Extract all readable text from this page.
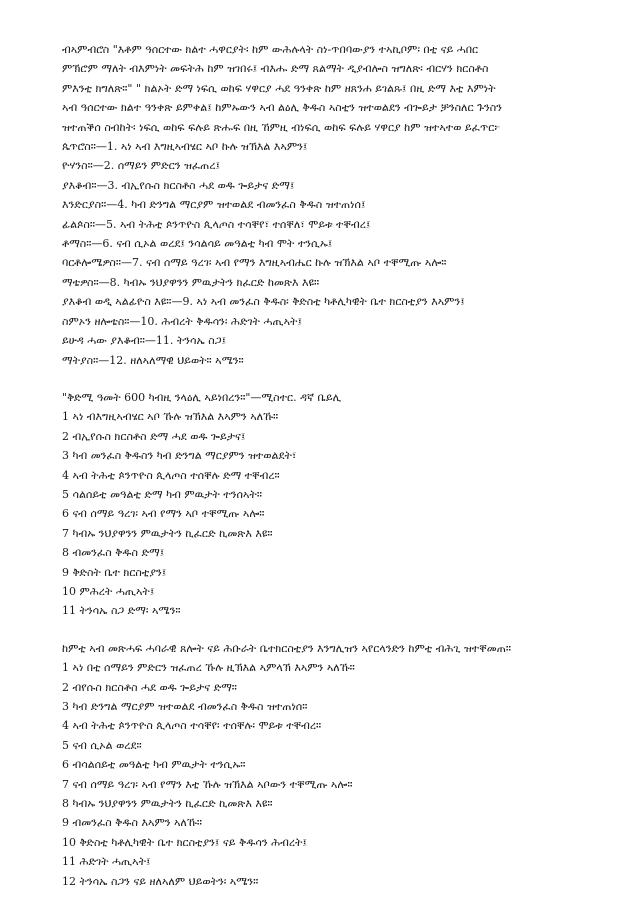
ብኣምብሮስ "እቶም ዓሰርተው ክልተ ሓዋርያት፡ ከም ውሕሉላት ስነ-ጥበባውያን ተኣኪቦም፡ በቲ ናይ ሓበር
ምኽሮም ማለት ብእምነት መፍትሕ ከም ዝገበሩ፤ ብእሑ ድማ ጸልማት ዲያብሎስ ዝግለጽ፡ ብርሃን ክርስቶስ
ምእንቲ ክግለጽ።" " ክልኦት ድማ ነፍሲ ወከፍ ሃዋርያ ሓደ ዓንቀጽ ከም ዘጸንሐ ይገልጹ፤ በዚ ድማ እቲ እምነት
ኣብ ዓሰርተው ክልተ ዓንቀጽ ይምቀል፤ ከምኡውን ኣብ ልዕሊ ቅዱስ ኣስቲን ዝተወልደን ብጐይታ ቻንስለር ጉንስን
ዝተጠቕሰ ስብከት፡ ነፍሲ ወከፍ ፍሉይ ጽሑፍ በዚ ኸምዚ ብነፍሲ ወከፍ ፍሉይ ሃዋርያ ከም ዝተኣተወ ይፈጥር፦
ጴጥሮስ።—1. ኣነ ኣብ እግዚኣብሄር ኣቦ ኩሉ ዝኽእል እኣምን፤
ዮሃንስ።—2. ሰማይን ምድርን ዝፈጠረ፤
ያእቆብ።—3. ብኢየሱስ ክርስቶስ ሓደ ወዱ ጐይታና ድማ፤
እንድርያስ።—4. ካብ ድንግል ማርያም ዝተወልደ ብመንፈስ ቅዱስ ዝተጠነሰ፤
ፊልጶስ።—5. ኣብ ትሕቲ ጶንጥዮስ ጲላጦስ ተሳቐየ፣ ተሰቐለ፣ ሞይቱ ተቐብረ፤
ቶማስ።—6. ናብ ሲኦል ወረደ፤ ንሳልሳይ መዓልቲ ካብ ሞት ተንሲኡ፤
ባርቶሎሜዎስ።—7. ናብ ሰማይ ዓረገ፡ ኣብ የማን እግዚኣብሔር ኩሉ ዝኽእል ኣቦ ተቐሚጡ ኣሎ።
ማቴዎስ።—8. ካብኡ ንህያዋንን ምዉታትን ክፈርድ ከመጽእ እዩ።
ያእቆብ ወዲ ኣልፊዮስ እዩ።—9. ኣነ ኣብ መንፈስ ቅዱስ፡ ቅድስቲ ካቶሊካዊት ቤተ ክርስቲያን እኣምን፤
ስምኦን ዘሎቴስ።—10. ሕብረት ቅዱሳን፡ ሕድገት ሓጢኣት፤
ይሁዳ ሓው ያእቆብ።—11. ትንሳኤ ስጋ፤
ማትያስ።—12. ዘለኣለማዊ ህይወት። ኣሜን።
"ቅድሚ ዓመት 600 ካብዚ ንላዕሊ ኣይነበረን።"—ሚስተር. ዳኛ ቤይሊ
1 ኣነ ብእግዚኣብሄር ኣቦ ኹሉ ዝኽእል እኣምን ኣለኹ።
2 ብኢየሱስ ክርስቶስ ድማ ሓደ ወዱ ጐይታና፤
3 ካብ መንፈስ ቅዱስን ካብ ድንግል ማርያምን ዝተወልደት፣
4 ኣብ ትሕቲ ጶንጥዮስ ጲላጦስ ተሰቐሉ ድማ ተቐብረ።
5 ሳልሰይቲ መዓልቲ ድማ ካብ ምዉታት ተንሰኣት።
6 ናብ ሰማይ ዓረገ፡ ኣብ የማን ኣቦ ተቐሚጡ ኣሎ።
7 ካብኡ ንህያዋንን ምዉታትን ኪፈርድ ኪመጽእ እዩ።
8 ብመንፈስ ቅዱስ ድማ፤
9 ቅድስት ቤተ ክርስቲያን፤
10 ምሕረት ሓጢኣት፤
11 ትንሳኤ ስጋ ድማ፡ ኣሜን።
ከምቲ ኣብ መጽሓፍ ሓባራዊ ጸሎት ናይ ሕቡራት ቤተክርስቲያን እንግሊዝን ኣየርላንድን ከምቲ ብሕጊ ዝተቐመጠ።
1 ኣነ በቲ ሰማይን ምድርን ዝፈጠረ ኹሉ ዚኽእል ኣምላኽ እኣምን ኣለኹ።
2 ብየሱስ ክርስቶስ ሓደ ወዱ ጐይታና ድማ።
3 ካብ ድንግል ማርያም ዝተወልደ ብመንፈስ ቅዱስ ዝተጠነሰ።
4 ኣብ ትሕቲ ጶንጥዮስ ጲላጦስ ተሳቐየ፡ ተሰቐሉ፡ ሞይቱ ተቐብረ።
5 ናብ ሲኦል ወረደ።
6 ብሳልሰይቲ መዓልቲ ካብ ምዉታት ተንሲኡ።
7 ናብ ሰማይ ዓረገ፡ ኣብ የማን እቲ ኹሉ ዝኽእል ኣቦውን ተቐሚጡ ኣሎ።
8 ካብኡ ንህያዋንን ምዉታትን ኪፈርድ ኪመጽእ እዩ።
9 ብመንፈስ ቅዱስ እኣምን ኣለኹ።
10 ቅድስቲ ካቶሊካዊት ቤተ ክርስቲያን፤ ናይ ቅዱሳን ሕብረት፤
11 ሕድገት ሓጢኣት፤
12 ትንሳኤ ስጋን ናይ ዘለኣለም ህይወትን፡ ኣሜን።
